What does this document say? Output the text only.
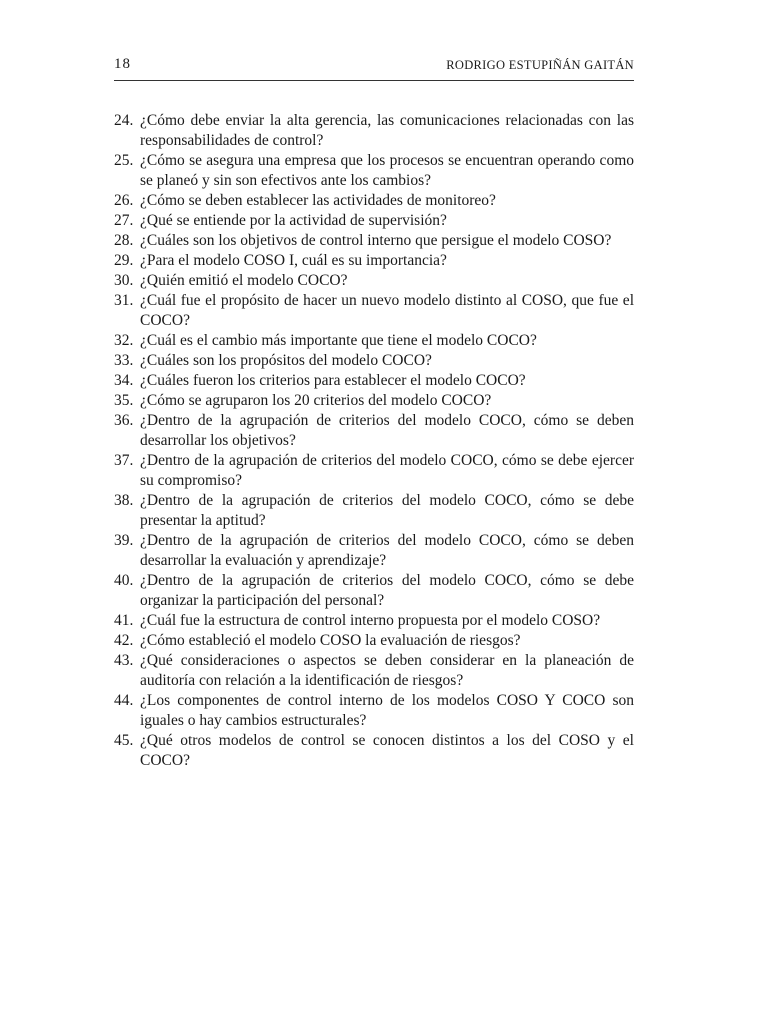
18	RODRIGO ESTUPIÑÁN GAITÁN
24. ¿Cómo debe enviar la alta gerencia, las comunicaciones relacionadas con las responsabilidades de control?
25. ¿Cómo se asegura una empresa que los procesos se encuentran operando como se planeó y sin son efectivos ante los cambios?
26. ¿Cómo se deben establecer las actividades de monitoreo?
27. ¿Qué se entiende por la actividad de supervisión?
28. ¿Cuáles son los objetivos de control interno que persigue el modelo COSO?
29. ¿Para el modelo COSO I, cuál es su importancia?
30. ¿Quién emitió el modelo COCO?
31. ¿Cuál fue el propósito de hacer un nuevo modelo distinto al COSO, que fue el COCO?
32. ¿Cuál es el cambio más importante que tiene el modelo COCO?
33. ¿Cuáles son los propósitos del modelo COCO?
34. ¿Cuáles fueron los criterios para establecer el modelo COCO?
35. ¿Cómo se agruparon los 20 criterios del modelo COCO?
36. ¿Dentro de la agrupación de criterios del modelo COCO, cómo se deben desarrollar los objetivos?
37. ¿Dentro de la agrupación de criterios del modelo COCO, cómo se debe ejercer su compromiso?
38. ¿Dentro de la agrupación de criterios del modelo COCO, cómo se debe presentar la aptitud?
39. ¿Dentro de la agrupación de criterios del modelo COCO, cómo se deben desarrollar la evaluación y aprendizaje?
40. ¿Dentro de la agrupación de criterios del modelo COCO, cómo se debe organizar la participación del personal?
41. ¿Cuál fue la estructura de control interno propuesta por el modelo COSO?
42. ¿Cómo estableció el modelo COSO la evaluación de riesgos?
43. ¿Qué consideraciones o aspectos se deben considerar en la planeación de auditoría con relación a la identificación de riesgos?
44. ¿Los componentes de control interno de los modelos COSO Y COCO son iguales o hay cambios estructurales?
45. ¿Qué otros modelos de control se conocen distintos a los del COSO y el COCO?
